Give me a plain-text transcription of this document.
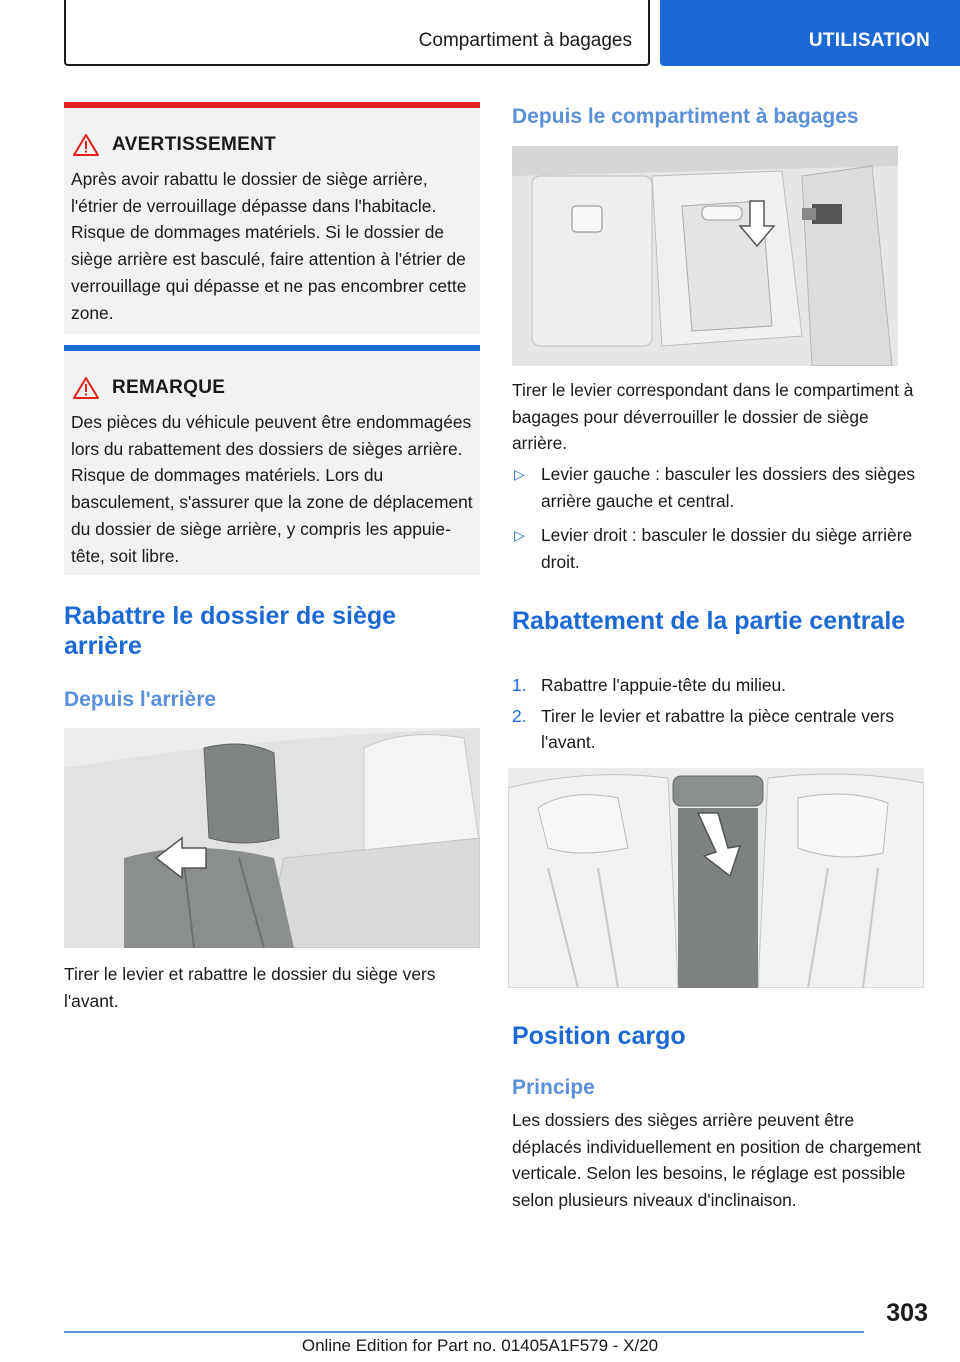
Compartiment à bagages	UTILISATION
AVERTISSEMENT
Après avoir rabattu le dossier de siège arrière, l'étrier de verrouillage dépasse dans l'habitacle. Risque de dommages matériels. Si le dossier de siège arrière est basculé, faire attention à l'étrier de verrouillage qui dépasse et ne pas encombrer cette zone.
REMARQUE
Des pièces du véhicule peuvent être endommagées lors du rabattement des dossiers de sièges arrière. Risque de dommages matériels. Lors du basculement, s'assurer que la zone de déplacement du dossier de siège arrière, y compris les appuie-tête, soit libre.
Rabattre le dossier de siège arrière
Depuis l'arrière
Tirer le levier et rabattre le dossier du siège vers l'avant.
Depuis le compartiment à bagages
Tirer le levier correspondant dans le compartiment à bagages pour déverrouiller le dossier de siège arrière.
▷ Levier gauche : basculer les dossiers des sièges arrière gauche et central.
▷ Levier droit : basculer le dossier du siège arrière droit.
Rabattement de la partie centrale
1. Rabattre l'appuie-tête du milieu.
2. Tirer le levier et rabattre la pièce centrale vers l'avant.
Position cargo
Principe
Les dossiers des sièges arrière peuvent être déplacés individuellement en position de chargement verticale. Selon les besoins, le réglage est possible selon plusieurs niveaux d'inclinaison.
303
Online Edition for Part no. 01405A1F579 - X/20
